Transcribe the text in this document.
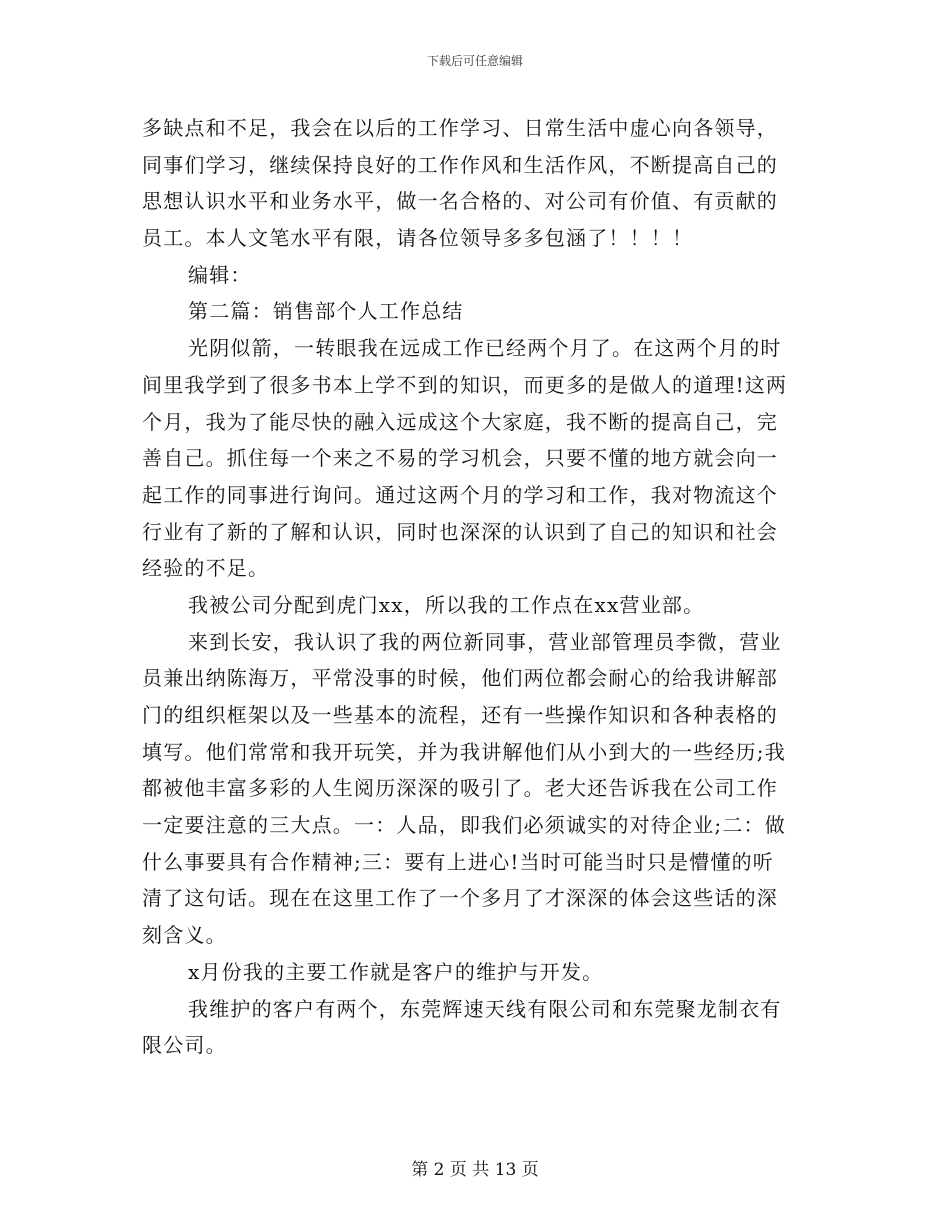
下载后可任意编辑
多缺点和不足，我会在以后的工作学习、日常生活中虚心向各领导，
同事们学习，继续保持良好的工作作风和生活作风，不断提高自己的
思想认识水平和业务水平，做一名合格的、对公司有价值、有贡献的
员工。本人文笔水平有限，请各位领导多多包涵了！！！！
编辑：
第二篇：销售部个人工作总结
光阴似箭，一转眼我在远成工作已经两个月了。在这两个月的时
间里我学到了很多书本上学不到的知识，而更多的是做人的道理!这两
个月，我为了能尽快的融入远成这个大家庭，我不断的提高自己，完
善自己。抓住每一个来之不易的学习机会，只要不懂的地方就会向一
起工作的同事进行询问。通过这两个月的学习和工作，我对物流这个
行业有了新的了解和认识，同时也深深的认识到了自己的知识和社会
经验的不足。
我被公司分配到虎门xx，所以我的工作点在xx营业部。
来到长安，我认识了我的两位新同事，营业部管理员李微，营业
员兼出纳陈海万，平常没事的时候，他们两位都会耐心的给我讲解部
门的组织框架以及一些基本的流程，还有一些操作知识和各种表格的
填写。他们常常和我开玩笑，并为我讲解他们从小到大的一些经历;我
都被他丰富多彩的人生阅历深深的吸引了。老大还告诉我在公司工作
一定要注意的三大点。一：人品，即我们必须诚实的对待企业;二：做
什么事要具有合作精神;三：要有上进心!当时可能当时只是懵懂的听
清了这句话。现在在这里工作了一个多月了才深深的体会这些话的深
刻含义。
x月份我的主要工作就是客户的维护与开发。
我维护的客户有两个，东莞辉速天线有限公司和东莞聚龙制衣有
限公司。
第 2 页 共 13 页
